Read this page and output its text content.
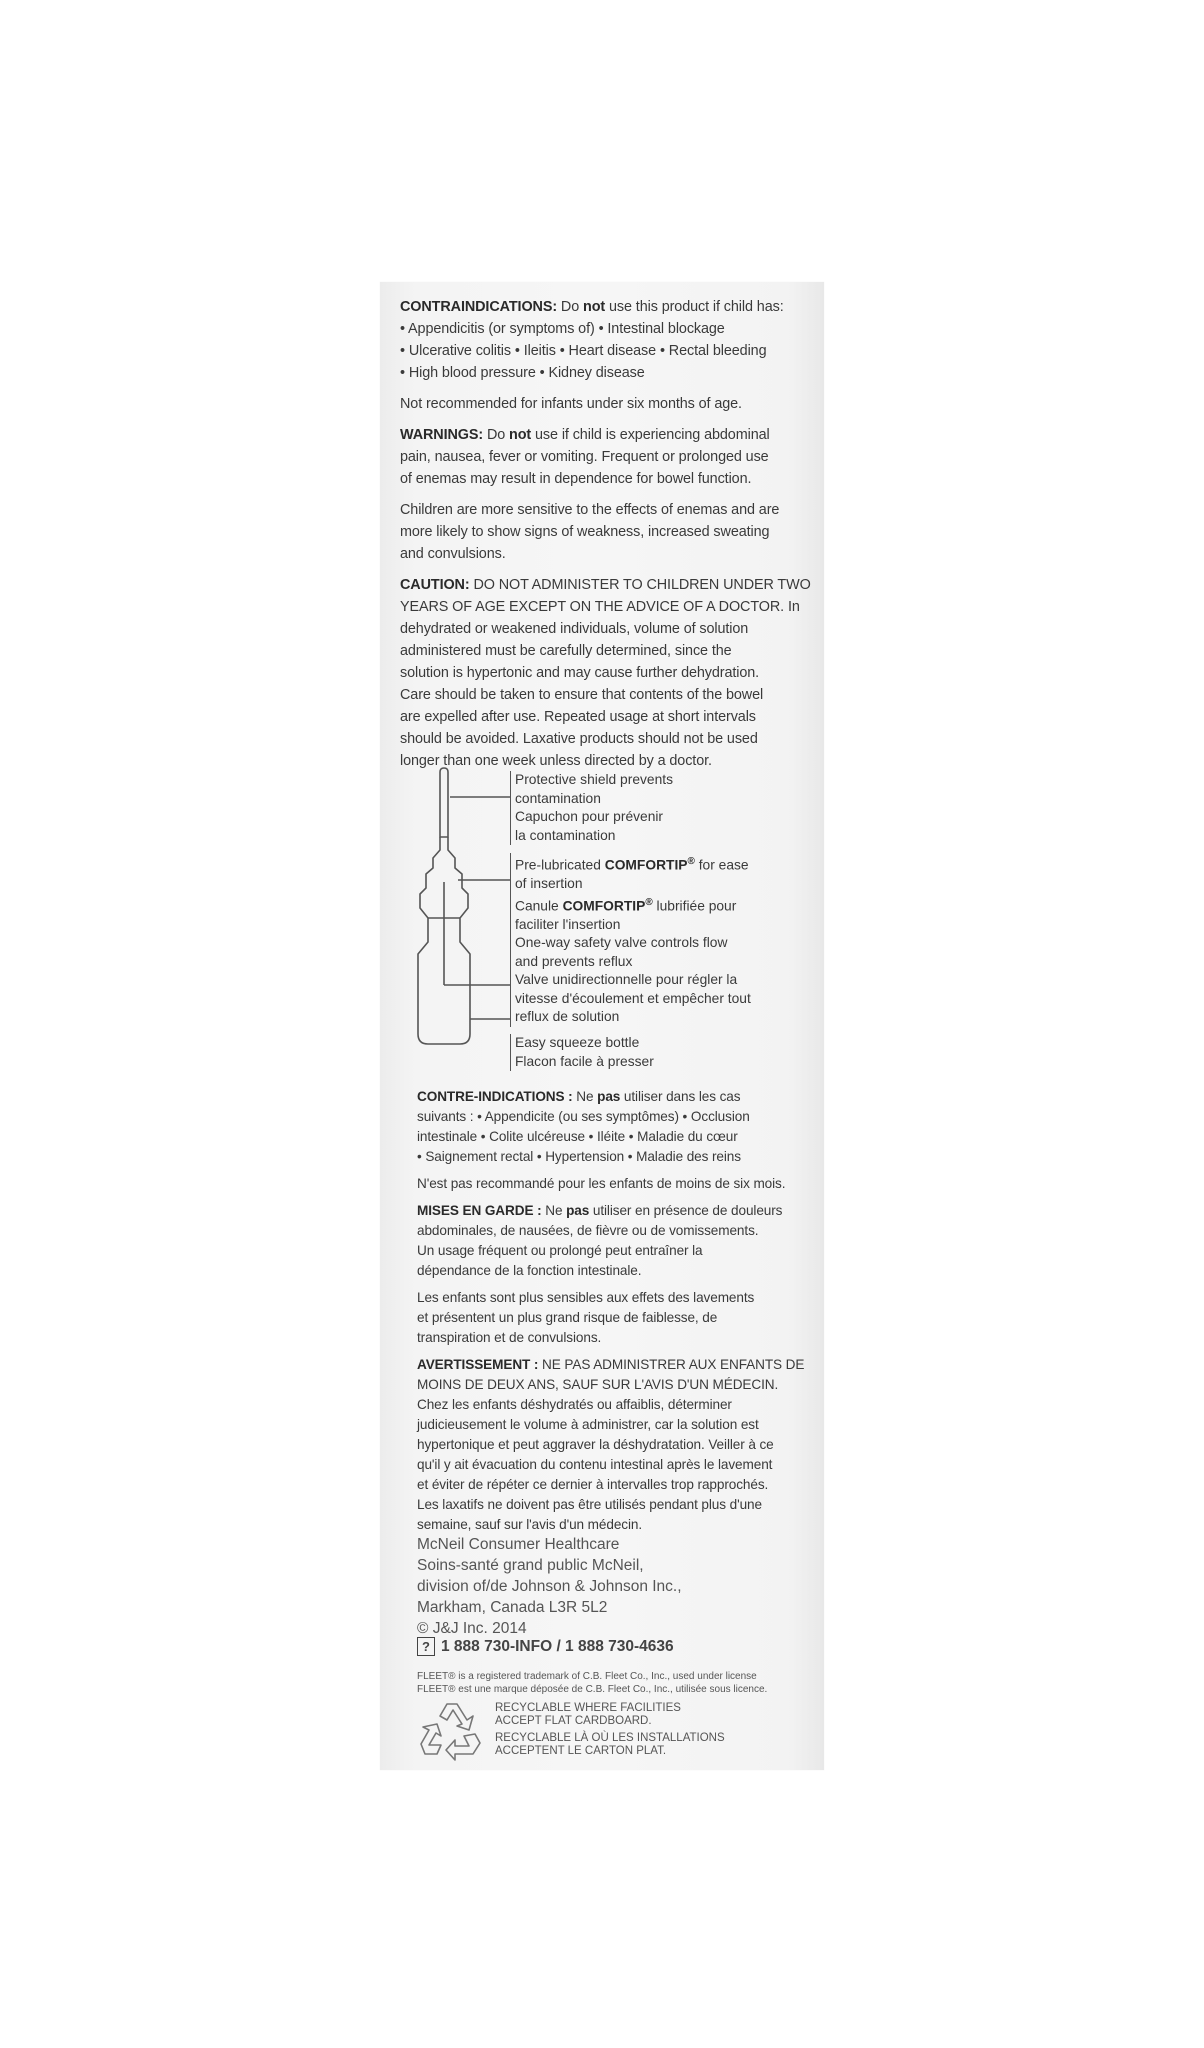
CONTRAINDICATIONS: Do not use this product if child has:

• Appendicitis (or symptoms of) • Intestinal blockage

• Ulcerative colitis • Ileitis • Heart disease • Rectal bleeding

• High blood pressure • Kidney disease

Not recommended for infants under six months of age.

WARNINGS: Do not use if child is experiencing abdominal

pain, nausea, fever or vomiting. Frequent or prolonged use

of enemas may result in dependence for bowel function.

Children are more sensitive to the effects of enemas and are

more likely to show signs of weakness, increased sweating

and convulsions.

CAUTION: DO NOT ADMINISTER TO CHILDREN UNDER TWO

YEARS OF AGE EXCEPT ON THE ADVICE OF A DOCTOR. In

dehydrated or weakened individuals, volume of solution

administered must be carefully determined, since the

solution is hypertonic and may cause further dehydration.

Care should be taken to ensure that contents of the bowel

are expelled after use. Repeated usage at short intervals

should be avoided. Laxative products should not be used

longer than one week unless directed by a doctor.

Protective shield prevents
contamination
Capuchon pour prévenir
la contamination
Pre-lubricated COMFORTIP® for ease
of insertion
Canule COMFORTIP® lubrifiée pour
faciliter l'insertion
One-way safety valve controls flow
and prevents reflux
Valve unidirectionnelle pour régler la
vitesse d'écoulement et empêcher tout
reflux de solution
Easy squeeze bottle
Flacon facile à presser

CONTRE-INDICATIONS : Ne pas utiliser dans les cas

suivants : • Appendicite (ou ses symptômes) • Occlusion

intestinale • Colite ulcéreuse • Iléite • Maladie du cœur

• Saignement rectal • Hypertension • Maladie des reins

N'est pas recommandé pour les enfants de moins de six mois.

MISES EN GARDE : Ne pas utiliser en présence de douleurs

abdominales, de nausées, de fièvre ou de vomissements.

Un usage fréquent ou prolongé peut entraîner la

dépendance de la fonction intestinale.

Les enfants sont plus sensibles aux effets des lavements

et présentent un plus grand risque de faiblesse, de

transpiration et de convulsions.

AVERTISSEMENT : NE PAS ADMINISTRER AUX ENFANTS DE

MOINS DE DEUX ANS, SAUF SUR L'AVIS D'UN MÉDECIN.

Chez les enfants déshydratés ou affaiblis, déterminer

judicieusement le volume à administrer, car la solution est

hypertonique et peut aggraver la déshydratation. Veiller à ce

qu'il y ait évacuation du contenu intestinal après le lavement

et éviter de répéter ce dernier à intervalles trop rapprochés.

Les laxatifs ne doivent pas être utilisés pendant plus d'une

semaine, sauf sur l'avis d'un médecin.

McNeil Consumer Healthcare
Soins-santé grand public McNeil,
division of/de Johnson & Johnson Inc.,
Markham, Canada L3R 5L2
© J&J Inc. 2014
? 1 888 730-INFO / 1 888 730-4636
FLEET® is a registered trademark of C.B. Fleet Co., Inc., used under license
FLEET® est une marque déposée de C.B. Fleet Co., Inc., utilisée sous licence.

RECYCLABLE WHERE FACILITIES

ACCEPT FLAT CARDBOARD.

RECYCLABLE LÀ OÙ LES INSTALLATIONS

ACCEPTENT LE CARTON PLAT.
